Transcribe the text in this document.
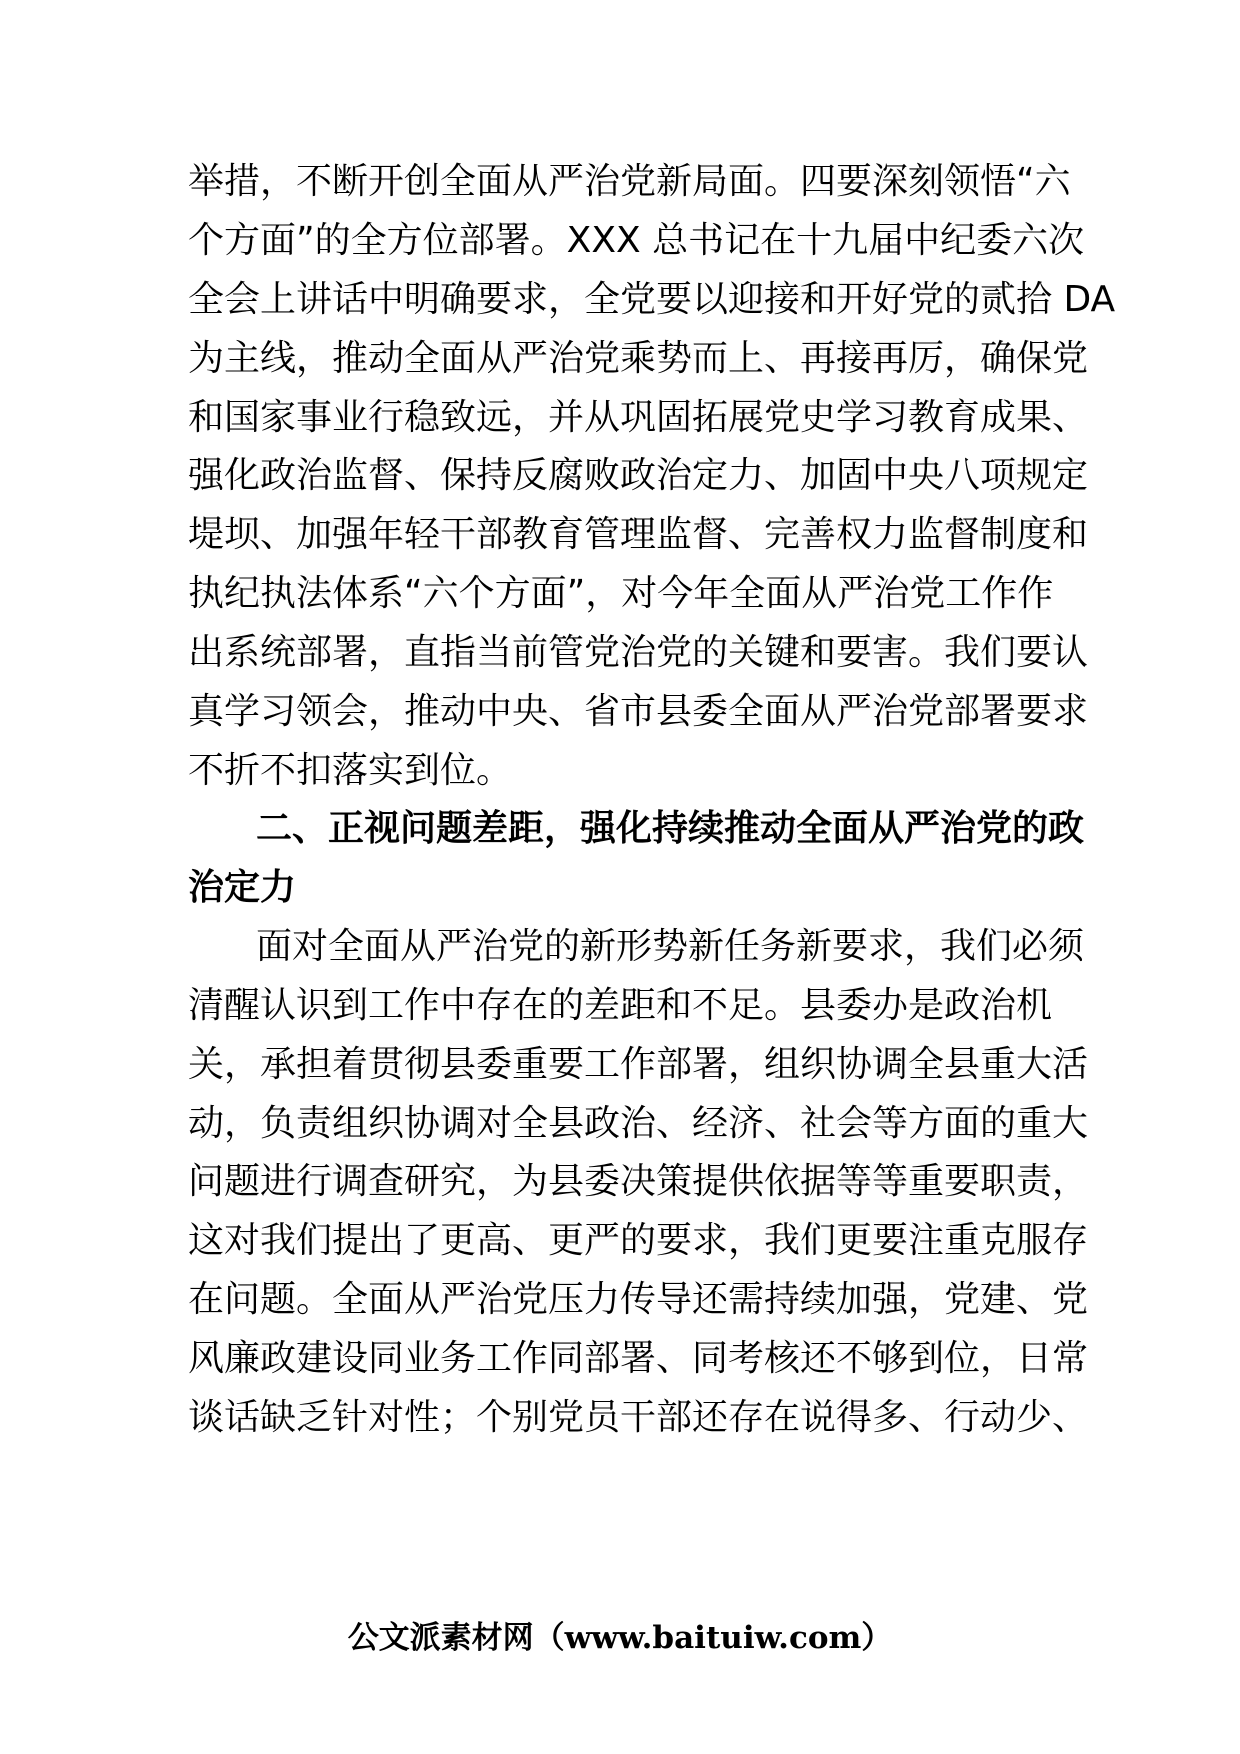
举措，不断开创全面从严治党新局面。四要深刻领悟“六
个方面”的全方位部署。XXX 总书记在十九届中纪委六次
全会上讲话中明确要求，全党要以迎接和开好党的贰拾 DA
为主线，推动全面从严治党乘势而上、再接再厉，确保党
和国家事业行稳致远，并从巩固拓展党史学习教育成果、
强化政治监督、保持反腐败政治定力、加固中央八项规定
堤坝、加强年轻干部教育管理监督、完善权力监督制度和
执纪执法体系“六个方面”，对今年全面从严治党工作作
出系统部署，直指当前管党治党的关键和要害。我们要认
真学习领会，推动中央、省市县委全面从严治党部署要求
不折不扣落实到位。
二、正视问题差距，强化持续推动全面从严治党的政
治定力
面对全面从严治党的新形势新任务新要求，我们必须
清醒认识到工作中存在的差距和不足。县委办是政治机
关，承担着贯彻县委重要工作部署，组织协调全县重大活
动，负责组织协调对全县政治、经济、社会等方面的重大
问题进行调查研究，为县委决策提供依据等等重要职责，
这对我们提出了更高、更严的要求，我们更要注重克服存
在问题。全面从严治党压力传导还需持续加强，党建、党
风廉政建设同业务工作同部署、同考核还不够到位，日常
谈话缺乏针对性；个别党员干部还存在说得多、行动少、
公文派素材网（www.baituiw.com）
